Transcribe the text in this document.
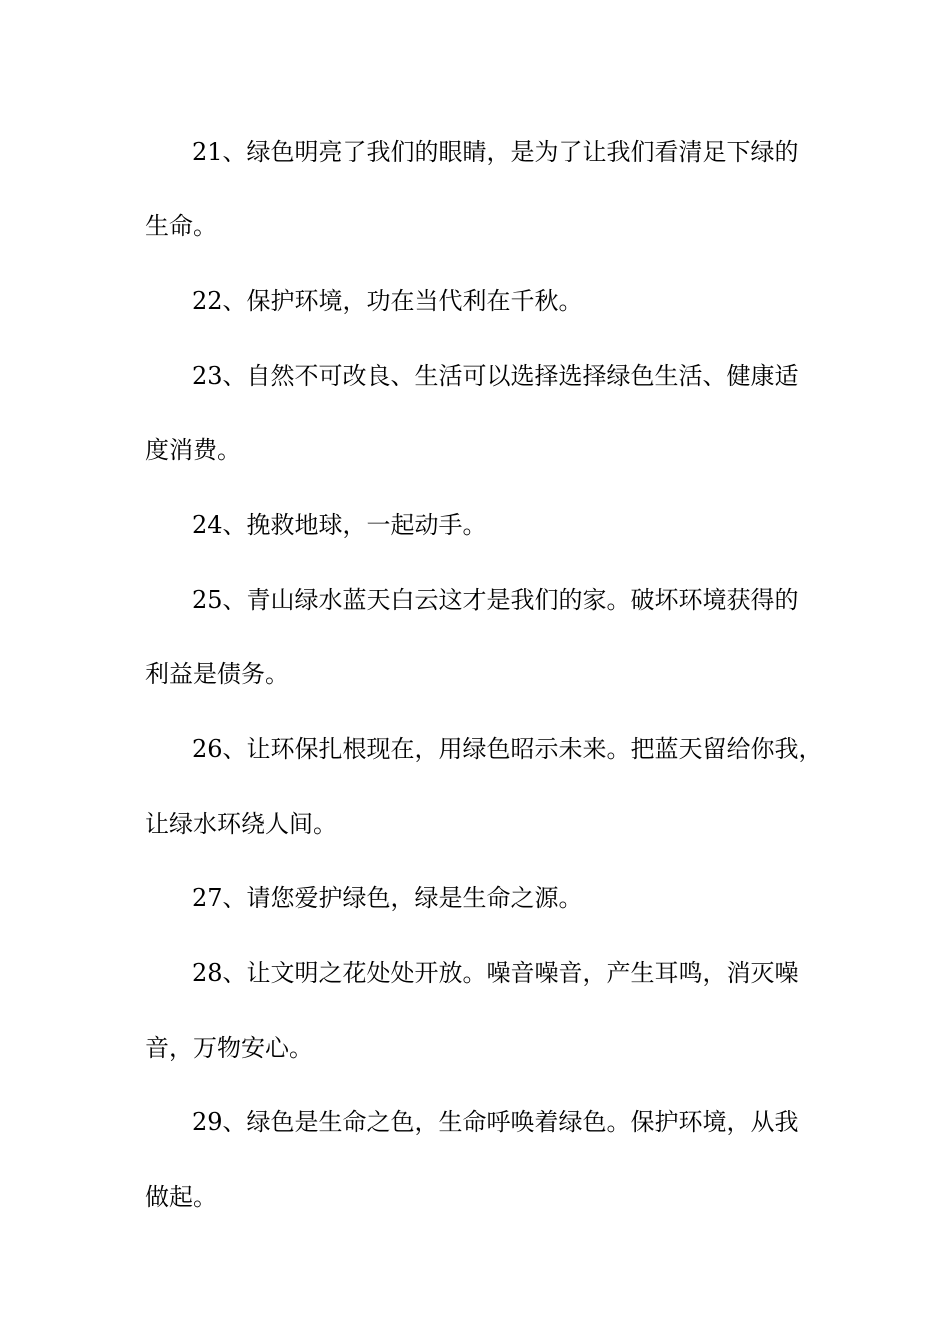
21、绿色明亮了我们的眼睛，是为了让我们看清足下绿的
生命。
22、保护环境，功在当代利在千秋。
23、自然不可改良、生活可以选择选择绿色生活、健康适
度消费。
24、挽救地球，一起动手。
25、青山绿水蓝天白云这才是我们的家。破坏环境获得的
利益是债务。
26、让环保扎根现在，用绿色昭示未来。把蓝天留给你我，
让绿水环绕人间。
27、请您爱护绿色，绿是生命之源。
28、让文明之花处处开放。噪音噪音，产生耳鸣，消灭噪
音，万物安心。
29、绿色是生命之色，生命呼唤着绿色。保护环境，从我
做起。
